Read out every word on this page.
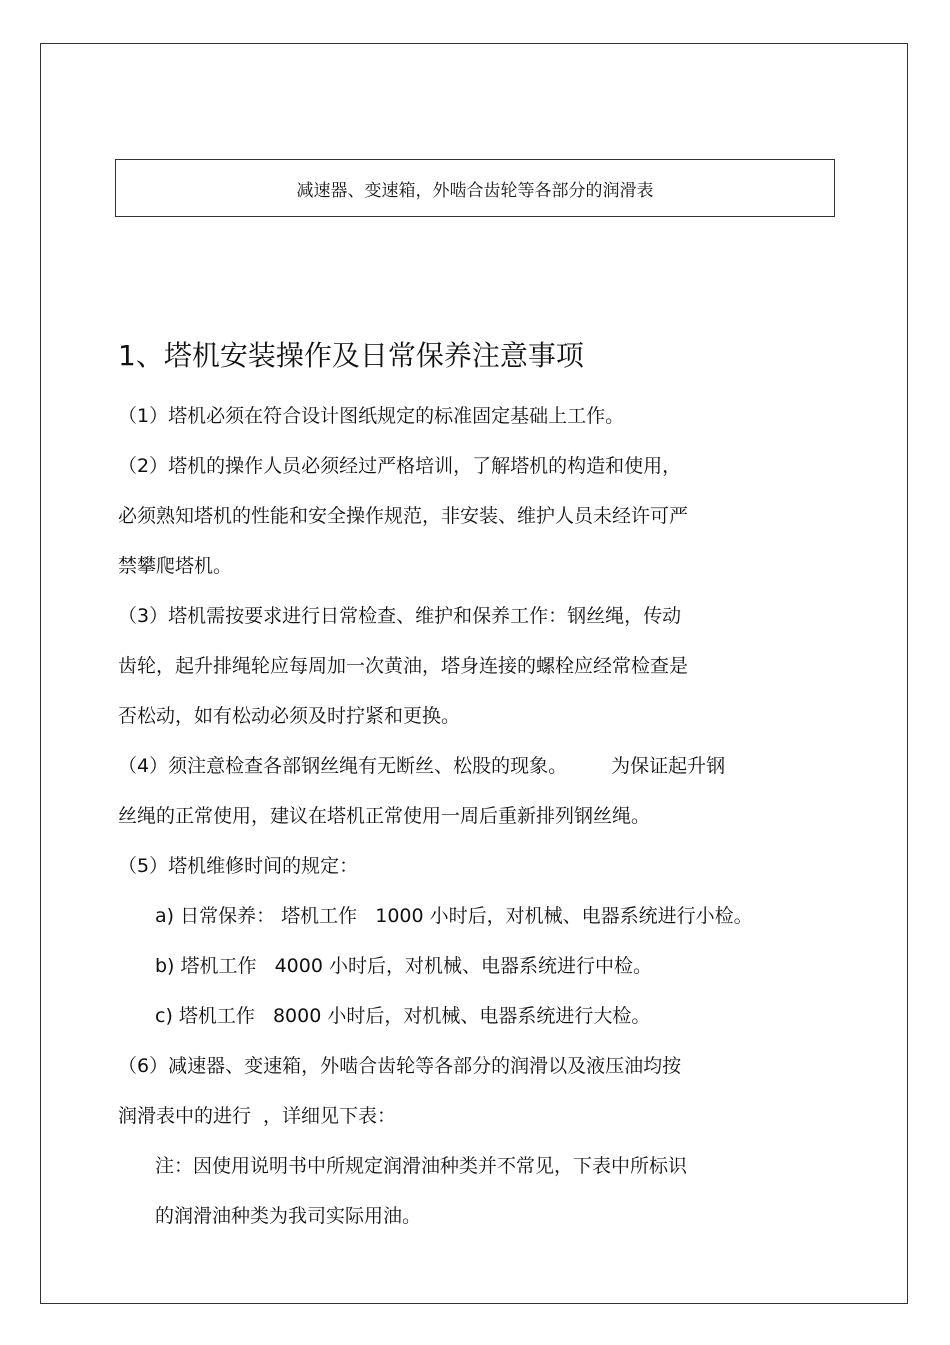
减速器、变速箱，外啮合齿轮等各部分的润滑表
1、塔机安装操作及日常保养注意事项
（1）塔机必须在符合设计图纸规定的标准固定基础上工作。
（2）塔机的操作人员必须经过严格培训，了解塔机的构造和使用，
必须熟知塔机的性能和安全操作规范，非安装、维护人员未经许可严
禁攀爬塔机。
（3）塔机需按要求进行日常检查、维护和保养工作：钢丝绳，传动
齿轮，起升排绳轮应每周加一次黄油，塔身连接的螺栓应经常检查是
否松动，如有松动必须及时拧紧和更换。
（4）须注意检查各部钢丝绳有无断丝、松股的现象。 为保证起升钢
丝绳的正常使用，建议在塔机正常使用一周后重新排列钢丝绳。
（5）塔机维修时间的规定：
a) 日常保养： 塔机工作 1000 小时后，对机械、电器系统进行小检。
b) 塔机工作 4000 小时后，对机械、电器系统进行中检。
c) 塔机工作 8000 小时后，对机械、电器系统进行大检。
（6）减速器、变速箱，外啮合齿轮等各部分的润滑以及液压油均按
润滑表中的进行 ，详细见下表：
注：因使用说明书中所规定润滑油种类并不常见，下表中所标识
的润滑油种类为我司实际用油。
